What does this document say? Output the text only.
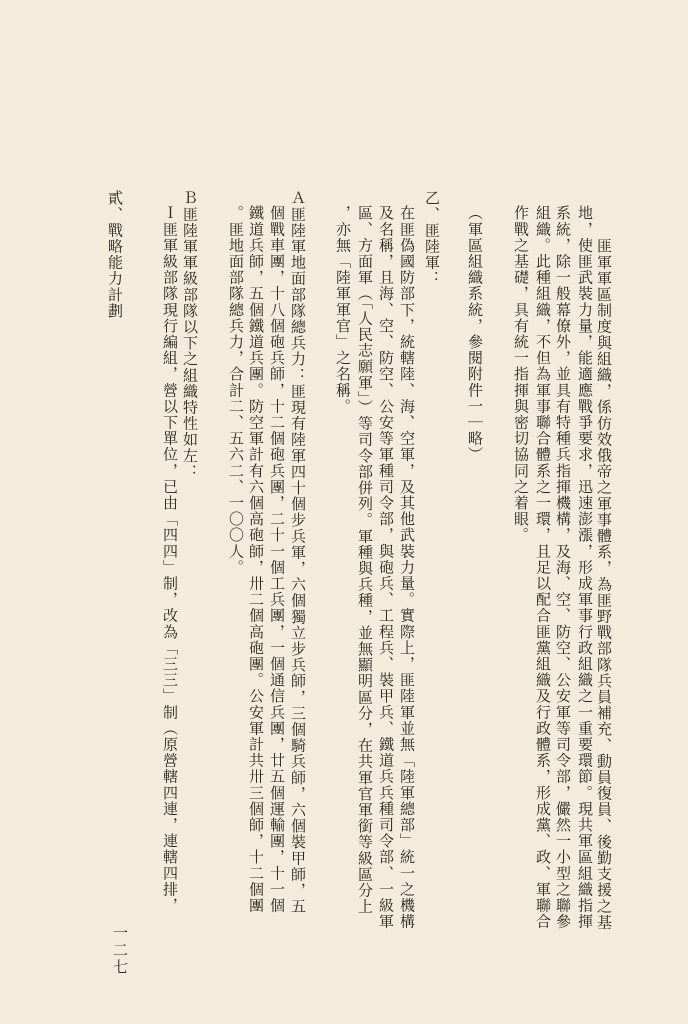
匪軍軍區制度與組織，係仿效俄帝之軍事體系，為匪野戰部隊兵員補充、動員復員、後勤支援之基
地，使匪武裝力量，能適應戰爭要求，迅速澎漲，形成軍事行政組織之一重要環節。現共軍區組織指揮
系統，除一般幕僚外，並具有特種兵指揮機構，及海、空、防空、公安軍等司令部，儼然一小型之聯參
組織。此種組織，不但為軍事聯合體系之一環，且足以配合匪黨組織及行政體系，形成黨、政、軍聯合
作戰之基礎，具有統一指揮與密切協同之着眼。
（軍區組織系統，參閱附件一｜略）
乙、匪陸軍：
在匪偽國防部下，統轄陸、海、空軍，及其他武裝力量。實際上，匪陸軍並無「陸軍總部」統一之機構
及名稱，且海、空、防空、公安等軍種司令部，與砲兵、工程兵、裝甲兵、鐵道兵兵種司令部、一級軍
區、方面軍（「人民志願軍」）等司令部併列。軍種與兵種，並無顯明區分，在共軍官軍銜等級區分上
，亦無「陸軍軍官」之名稱。
Ａ匪陸軍地面部隊總兵力：匪現有陸軍四十個步兵軍，六個獨立步兵師，三個騎兵師，六個裝甲師，五
個戰車團，十八個砲兵師，十二個砲兵團，二十一個工兵團，一個通信兵團，廿五個運輸團，十一個
鐵道兵師，五個鐵道兵團。防空軍計有六個高砲師，卅二個高砲團。公安軍計共卅三個師，十二個團
。匪地面部隊總兵力，合計二、五六二、一〇〇人。
Ｂ匪陸軍軍級部隊以下之組織特性如左：
Ｉ匪軍級部隊現行編組，營以下單位，已由「四四」制，改為「三三」制（原營轄四連，連轄四排，
貳、戰略能力計劃
一二七
